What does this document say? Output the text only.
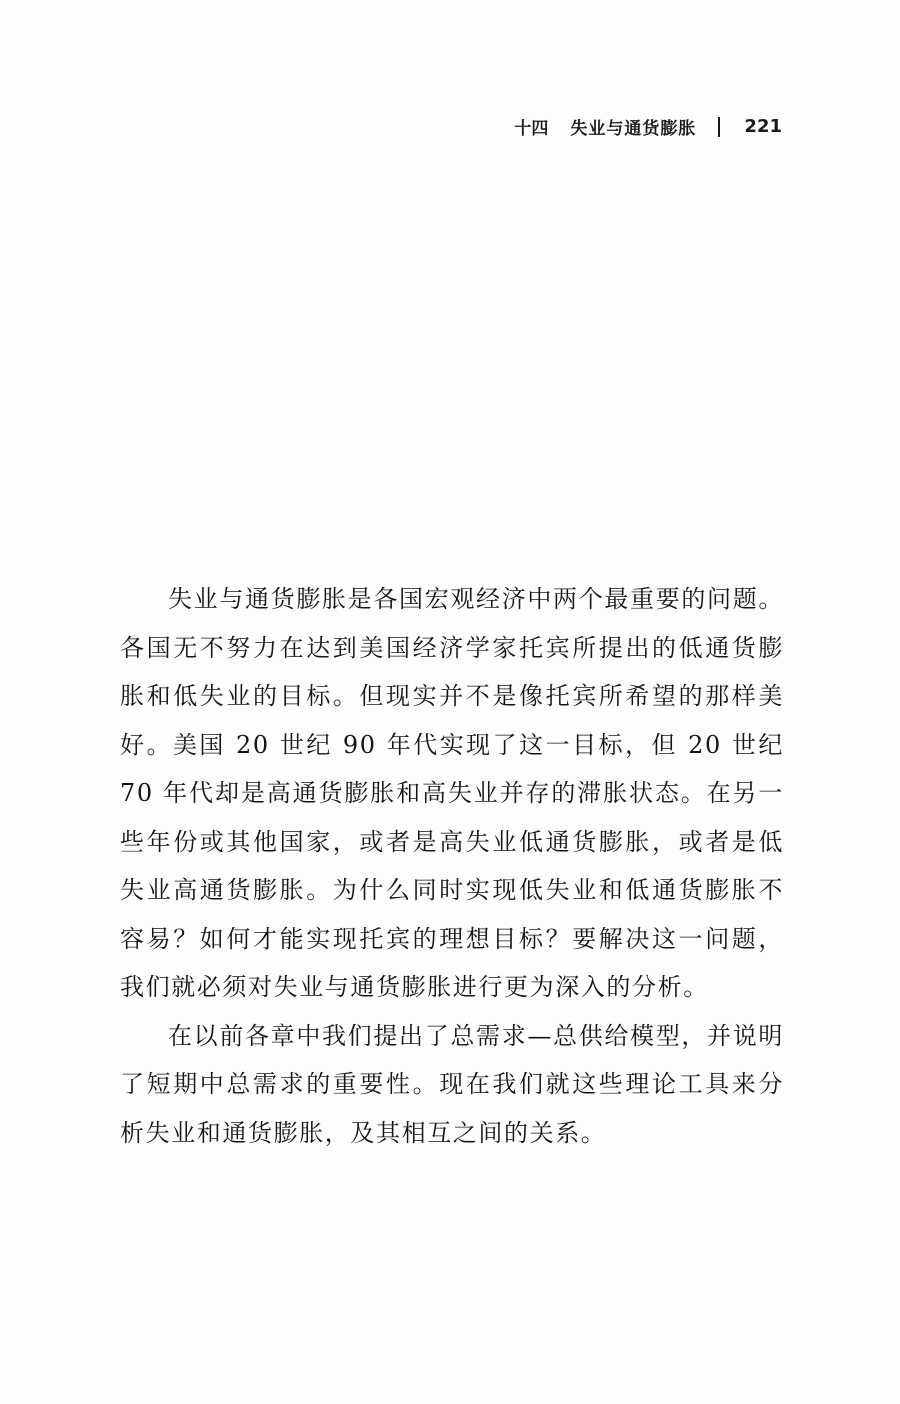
十四 失业与通货膨胀	221

失业与通货膨胀是各国宏观经济中两个最重要的问题。各国无不努力在达到美国经济学家托宾所提出的低通货膨胀和低失业的目标。但现实并不是像托宾所希望的那样美好。美国 20 世纪 90 年代实现了这一目标，但 20 世纪 70 年代却是高通货膨胀和高失业并存的滞胀状态。在另一些年份或其他国家，或者是高失业低通货膨胀，或者是低失业高通货膨胀。为什么同时实现低失业和低通货膨胀不容易？如何才能实现托宾的理想目标？要解决这一问题，我们就必须对失业与通货膨胀进行更为深入的分析。

在以前各章中我们提出了总需求—总供给模型，并说明了短期中总需求的重要性。现在我们就这些理论工具来分析失业和通货膨胀，及其相互之间的关系。
